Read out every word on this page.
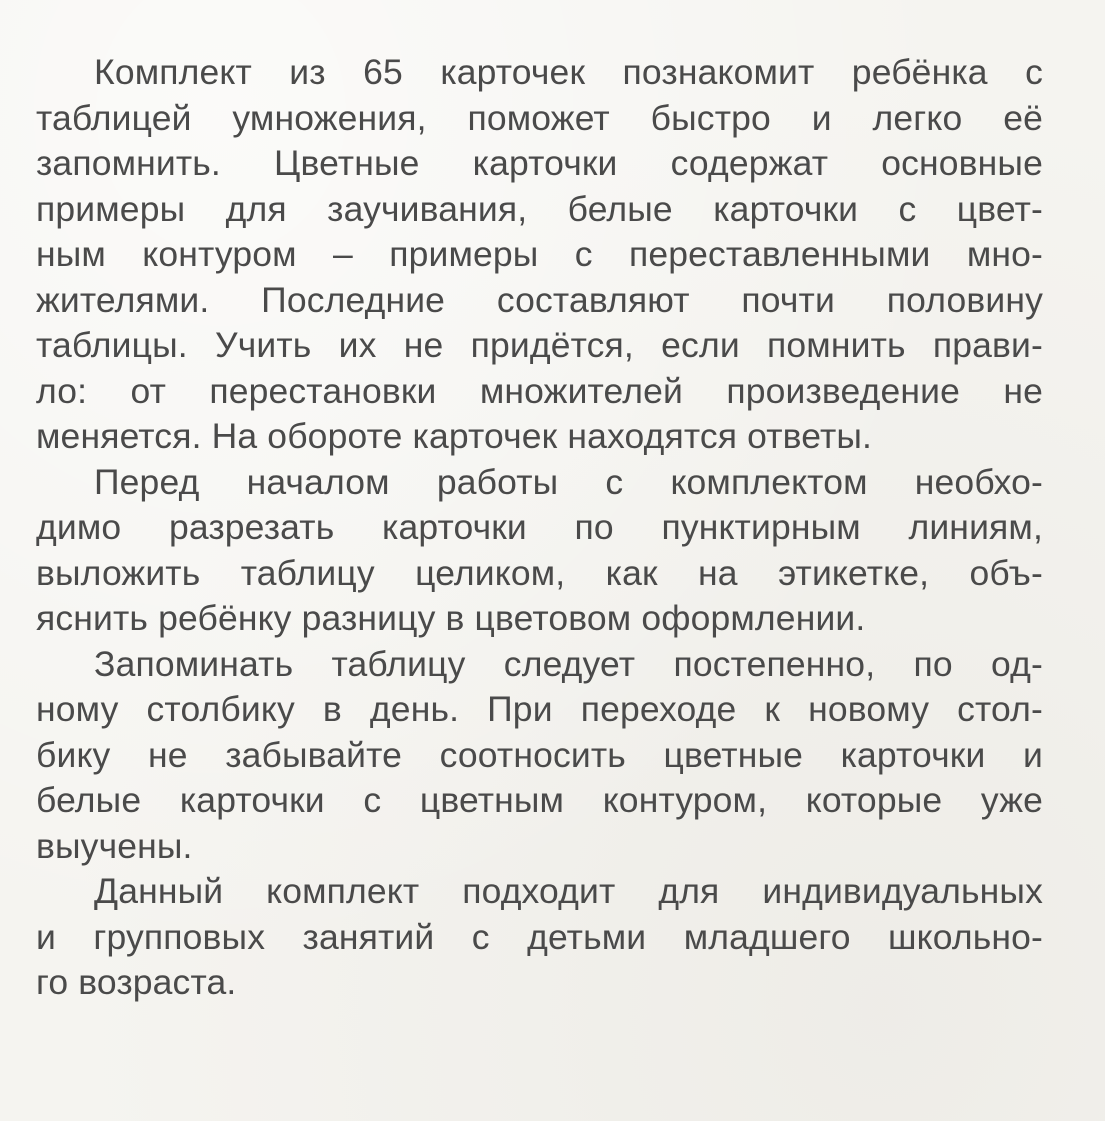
Комплект из 65 карточек познакомит ребёнка с
таблицей умножения, поможет быстро и легко её
запомнить. Цветные карточки содержат основные
примеры для заучивания, белые карточки с цвет-
ным контуром – примеры с переставленными мно-
жителями. Последние составляют почти половину
таблицы. Учить их не придётся, если помнить прави-
ло: от перестановки множителей произведение не
меняется. На обороте карточек находятся ответы.
Перед началом работы с комплектом необхо-
димо разрезать карточки по пунктирным линиям,
выложить таблицу целиком, как на этикетке, объ-
яснить ребёнку разницу в цветовом оформлении.
Запоминать таблицу следует постепенно, по од-
ному столбику в день. При переходе к новому стол-
бику не забывайте соотносить цветные карточки и
белые карточки с цветным контуром, которые уже
выучены.
Данный комплект подходит для индивидуальных
и групповых занятий с детьми младшего школьно-
го возраста.
